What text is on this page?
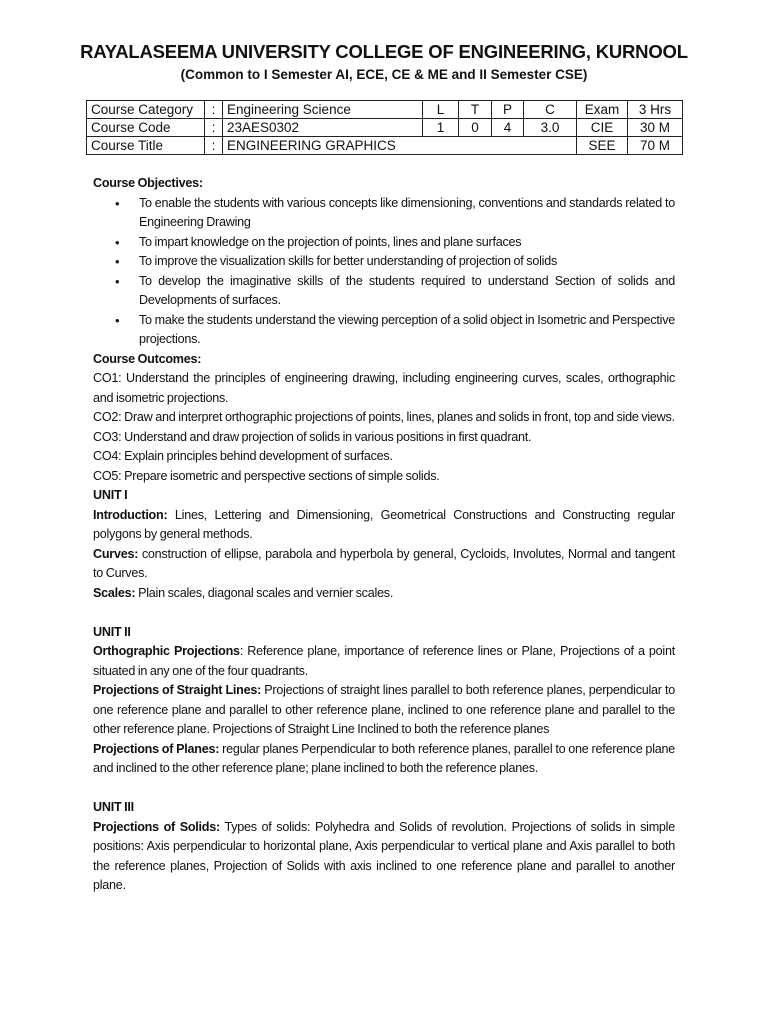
RAYALASEEMA UNIVERSITY COLLEGE OF ENGINEERING, KURNOOL
(Common to I Semester AI, ECE, CE & ME and II Semester CSE)
Course Category	:	Engineering Science	L	T	P	C	Exam	3 Hrs
Course Code	:	23AES0302	1	0	4	3.0	CIE	30 M
Course Title	:	ENGINEERING GRAPHICS					SEE	70 M
Course Objectives:
• To enable the students with various concepts like dimensioning, conventions and standards related to Engineering Drawing
• To impart knowledge on the projection of points, lines and plane surfaces
• To improve the visualization skills for better understanding of projection of solids
• To develop the imaginative skills of the students required to understand Section of solids and Developments of surfaces.
• To make the students understand the viewing perception of a solid object in Isometric and Perspective projections.
Course Outcomes:

CO1: Understand the principles of engineering drawing, including engineering curves, scales, orthographic and isometric projections.

CO2: Draw and interpret orthographic projections of points, lines, planes and solids in front, top and side views.

CO3: Understand and draw projection of solids in various positions in first quadrant.

CO4: Explain principles behind development of surfaces.

CO5: Prepare isometric and perspective sections of simple solids.

UNIT I

Introduction: Lines, Lettering and Dimensioning, Geometrical Constructions and Constructing regular polygons by general methods.

Curves: construction of ellipse, parabola and hyperbola by general, Cycloids, Involutes, Normal and tangent to Curves.

Scales: Plain scales, diagonal scales and vernier scales.

UNIT II

Orthographic Projections: Reference plane, importance of reference lines or Plane, Projections of a point situated in any one of the four quadrants.

Projections of Straight Lines: Projections of straight lines parallel to both reference planes, perpendicular to one reference plane and parallel to other reference plane, inclined to one reference plane and parallel to the other reference plane. Projections of Straight Line Inclined to both the reference planes

Projections of Planes: regular planes Perpendicular to both reference planes, parallel to one reference plane and inclined to the other reference plane; plane inclined to both the reference planes.

UNIT III

Projections of Solids: Types of solids: Polyhedra and Solids of revolution. Projections of solids in simple positions: Axis perpendicular to horizontal plane, Axis perpendicular to vertical plane and Axis parallel to both the reference planes, Projection of Solids with axis inclined to one reference plane and parallel to another plane.
